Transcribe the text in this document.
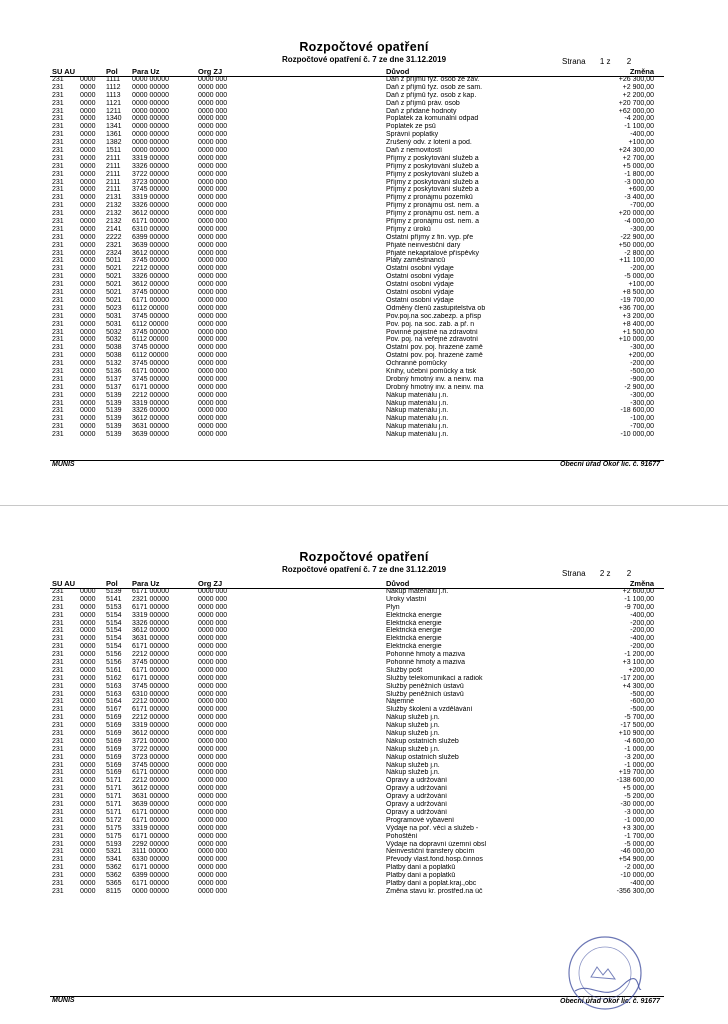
Rozpočtové opatření
Rozpočtové opatření č. 7 ze dne 31.12.2019	Strana 1 z 2
SU AU	Pol Para Uz	Org ZJ	Důvod	Změna
231 0000 1111 0000 00000	0000 000	Daň z příjmů fyz. osob ze záv.	+26 300,00
231 0000 1112 0000 00000	0000 000	Daň z příjmů fyz. osob ze sam.	+2 900,00
231 0000 1113 0000 00000	0000 000	Daň z příjmů fyz. osob z kap.	+2 200,00
231 0000 1121 0000 00000	0000 000	Daň z příjmů práv. osob	+20 700,00
231 0000 1211 0000 00000	0000 000	Daň z přidané hodnoty	+62 000,00
231 0000 1340 0000 00000	0000 000	Poplatek za komunální odpad	-4 200,00
231 0000 1341 0000 00000	0000 000	Poplatek ze psů	-1 100,00
231 0000 1361 0000 00000	0000 000	Správní poplatky	-400,00
231 0000 1382 0000 00000	0000 000	Zrušený odv. z loterií a pod.	+100,00
231 0000 1511 0000 00000	0000 000	Daň z nemovitostí	+24 300,00
231 0000 2111 3319 00000	0000 000	Příjmy z poskytování služeb a	+2 700,00
231 0000 2111 3326 00000	0000 000	Příjmy z poskytování služeb a	+5 000,00
231 0000 2111 3722 00000	0000 000	Příjmy z poskytování služeb a	-1 800,00
231 0000 2111 3723 00000	0000 000	Příjmy z poskytování služeb a	-3 000,00
231 0000 2111 3745 00000	0000 000	Příjmy z poskytování služeb a	+600,00
231 0000 2131 3319 00000	0000 000	Příjmy z pronájmu pozemků	-3 400,00
231 0000 2132 3326 00000	0000 000	Příjmy z pronájmu ost. nem. a	-700,00
231 0000 2132 3612 00000	0000 000	Příjmy z pronájmu ost. nem. a	+20 000,00
231 0000 2132 6171 00000	0000 000	Příjmy z pronájmu ost. nem. a	-4 000,00
231 0000 2141 6310 00000	0000 000	Příjmy z úroků	-300,00
231 0000 2222 6399 00000	0000 000	Ostatní příjmy z fin. vyp. pře	-22 900,00
231 0000 2321 3639 00000	0000 000	Přijaté neinvestiční dary	+50 000,00
231 0000 2324 3612 00000	0000 000	Přijaté nekapitálové příspěvky	-2 800,00
231 0000 5011 3745 00000	0000 000	Platy zaměstnanců	+11 100,00
231 0000 5021 2212 00000	0000 000	Ostatní osobní výdaje	-200,00
231 0000 5021 3326 00000	0000 000	Ostatní osobní výdaje	-5 000,00
231 0000 5021 3612 00000	0000 000	Ostatní osobní výdaje	+100,00
231 0000 5021 3745 00000	0000 000	Ostatní osobní výdaje	+8 500,00
231 0000 5021 6171 00000	0000 000	Ostatní osobní výdaje	-19 700,00
231 0000 5023 6112 00000	0000 000	Odměny členů zastupitelstva ob	+36 700,00
231 0000 5031 3745 00000	0000 000	Pov.poj.na soc.zabezp. a přísp	+3 200,00
231 0000 5031 6112 00000	0000 000	Pov. poj. na soc. zab. a př. n	+8 400,00
231 0000 5032 3745 00000	0000 000	Povinné pojistné na zdravotní	+1 500,00
231 0000 5032 6112 00000	0000 000	Pov. poj. na veřejné zdravotní	+10 000,00
231 0000 5038 3745 00000	0000 000	Ostatní pov. poj. hrazené zamě	-300,00
231 0000 5038 6112 00000	0000 000	Ostatní pov. poj. hrazené zamě	+200,00
231 0000 5132 3745 00000	0000 000	Ochranné pomůcky	-200,00
231 0000 5136 6171 00000	0000 000	Knihy, učební pomůcky a tisk	-500,00
231 0000 5137 3745 00000	0000 000	Drobný hmotný inv. a neinv. ma	-900,00
231 0000 5137 6171 00000	0000 000	Drobný hmotný inv. a neinv. ma	-2 900,00
231 0000 5139 2212 00000	0000 000	Nákup materiálu j.n.	-300,00
231 0000 5139 3319 00000	0000 000	Nákup materiálu j.n.	-300,00
231 0000 5139 3326 00000	0000 000	Nákup materiálu j.n.	-18 600,00
231 0000 5139 3612 00000	0000 000	Nákup materiálu j.n.	-100,00
231 0000 5139 3631 00000	0000 000	Nákup materiálu j.n.	-700,00
231 0000 5139 3639 00000	0000 000	Nákup materiálu j.n.	-10 000,00
MUNIS	Obecní úřad Okoř lic. č. 91677
Rozpočtové opatření
Rozpočtové opatření č. 7 ze dne 31.12.2019	Strana 2 z 2
SU AU	Pol Para Uz	Org ZJ	Důvod	Změna
231 0000 5139 6171 00000	0000 000	Nákup materiálu j.n.	+2 600,00
231 0000 5141 2321 00000	0000 000	Úroky vlastní	-1 100,00
231 0000 5153 6171 00000	0000 000	Plyn	-9 700,00
231 0000 5154 3319 00000	0000 000	Elektrická energie	-400,00
231 0000 5154 3326 00000	0000 000	Elektrická energie	-200,00
231 0000 5154 3612 00000	0000 000	Elektrická energie	-200,00
231 0000 5154 3631 00000	0000 000	Elektrická energie	-400,00
231 0000 5154 6171 00000	0000 000	Elektrická energie	-200,00
231 0000 5156 2212 00000	0000 000	Pohonné hmoty a maziva	-1 200,00
231 0000 5156 3745 00000	0000 000	Pohonné hmoty a maziva	+3 100,00
231 0000 5161 6171 00000	0000 000	Služby pošt	+200,00
231 0000 5162 6171 00000	0000 000	Služby telekomunikací a radiok	-17 200,00
231 0000 5163 3745 00000	0000 000	Služby peněžních ústavů	+4 300,00
231 0000 5163 6310 00000	0000 000	Služby peněžních ústavů	-500,00
231 0000 5164 2212 00000	0000 000	Nájemné	-600,00
231 0000 5167 6171 00000	0000 000	Služby školení a vzdělávání	-500,00
231 0000 5169 2212 00000	0000 000	Nákup služeb j.n.	-5 700,00
231 0000 5169 3319 00000	0000 000	Nákup služeb j.n.	-17 500,00
231 0000 5169 3612 00000	0000 000	Nákup služeb j.n.	+10 900,00
231 0000 5169 3721 00000	0000 000	Nákup ostatních služeb	-4 600,00
231 0000 5169 3722 00000	0000 000	Nákup služeb j.n.	-1 000,00
231 0000 5169 3723 00000	0000 000	Nákup ostatních služeb	-3 200,00
231 0000 5169 3745 00000	0000 000	Nákup služeb j.n.	-1 000,00
231 0000 5169 6171 00000	0000 000	Nákup služeb j.n.	+19 700,00
231 0000 5171 2212 00000	0000 000	Opravy a udržování	-138 600,00
231 0000 5171 3612 00000	0000 000	Opravy a udržování	+5 000,00
231 0000 5171 3631 00000	0000 000	Opravy a udržování	-5 200,00
231 0000 5171 3639 00000	0000 000	Opravy a udržování	-30 000,00
231 0000 5171 6171 00000	0000 000	Opravy a udržování	-3 000,00
231 0000 5172 6171 00000	0000 000	Programové vybavení	-1 000,00
231 0000 5175 3319 00000	0000 000	Výdaje na poř. věcí a služeb -	+3 300,00
231 0000 5175 6171 00000	0000 000	Pohoštění	-1 700,00
231 0000 5193 2292 00000	0000 000	Výdaje na dopravní územní obsl	-5 000,00
231 0000 5321 3111 00000	0000 000	Neinvestiční transfery obcím	-46 000,00
231 0000 5341 6330 00000	0000 000	Převody vlast.fond.hosp.činnos	+54 900,00
231 0000 5362 6171 00000	0000 000	Platby daní a poplatků	-2 000,00
231 0000 5362 6399 00000	0000 000	Platby daní a poplatků	-10 000,00
231 0000 5365 6171 00000	0000 000	Platby daní a poplat.kraj.,obc	-400,00
231 0000 8115 0000 00000	0000 000	Změna stavu kr. prostřed.na úč	-356 300,00
MUNIS	Obecní úřad Okoř lic. č. 91677
